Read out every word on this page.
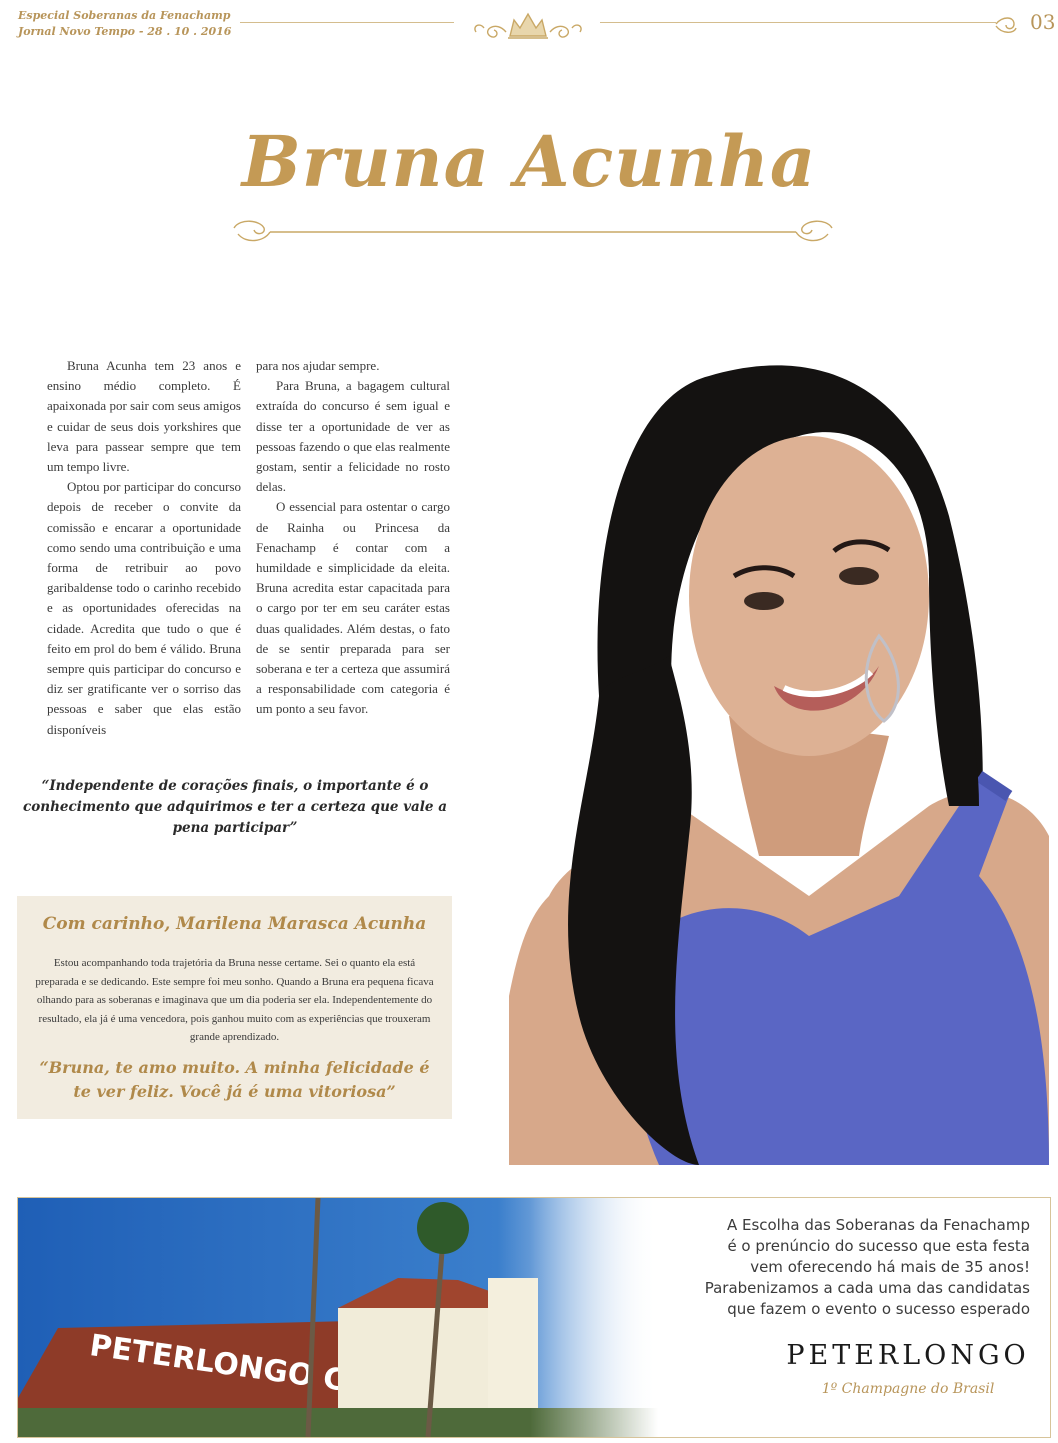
Especial Soberanas da Fenachamp
Jornal Novo Tempo - 28 . 10 . 2016	03
Bruna Acunha

Bruna Acunha tem 23 anos e ensino médio completo. É apaixonada por sair com seus amigos e cuidar de seus dois yorkshires que leva para passear sempre que tem um tempo livre.

Optou por participar do concurso depois de receber o convite da comissão e encarar a oportunidade como sendo uma contribuição e uma forma de retribuir ao povo garibaldense todo o carinho recebido e as oportunidades oferecidas na cidade. Acredita que tudo o que é feito em prol do bem é válido. Bruna sempre quis participar do concurso e diz ser gratificante ver o sorriso das pessoas e saber que elas estão disponíveis

para nos ajudar sempre.

Para Bruna, a bagagem cultural extraída do concurso é sem igual e disse ter a oportunidade de ver as pessoas fazendo o que elas realmente gostam, sentir a felicidade no rosto delas.

O essencial para ostentar o cargo de Rainha ou Princesa da Fenachamp é contar com a humildade e simplicidade da eleita. Bruna acredita estar capacitada para o cargo por ter em seu caráter estas duas qualidades. Além destas, o fato de se sentir preparada para ser soberana e ter a certeza que assumirá a responsabilidade com categoria é um ponto a seu favor.

“Independente de corações finais, o importante é o conhecimento que adquirimos e ter a certeza que vale a pena participar”
Com carinho, Marilena Marasca Acunha
Estou acompanhando toda trajetória da Bruna nesse certame. Sei o quanto ela está preparada e se dedicando. Este sempre foi meu sonho. Quando a Bruna era pequena ficava olhando para as soberanas e imaginava que um dia poderia ser ela. Independentemente do resultado, ela já é uma vencedora, pois ganhou muito com as experiências que trouxeram grande aprendizado.
“Bruna, te amo muito. A minha felicidade é te ver feliz. Você já é uma vitoriosa”
A Escolha das Soberanas da Fenachamp
é o prenúncio do sucesso que esta festa
vem oferecendo há mais de 35 anos!
Parabenizamos a cada uma das candidatas
que fazem o evento o sucesso esperado
PETERLONGO
1º Champagne do Brasil
